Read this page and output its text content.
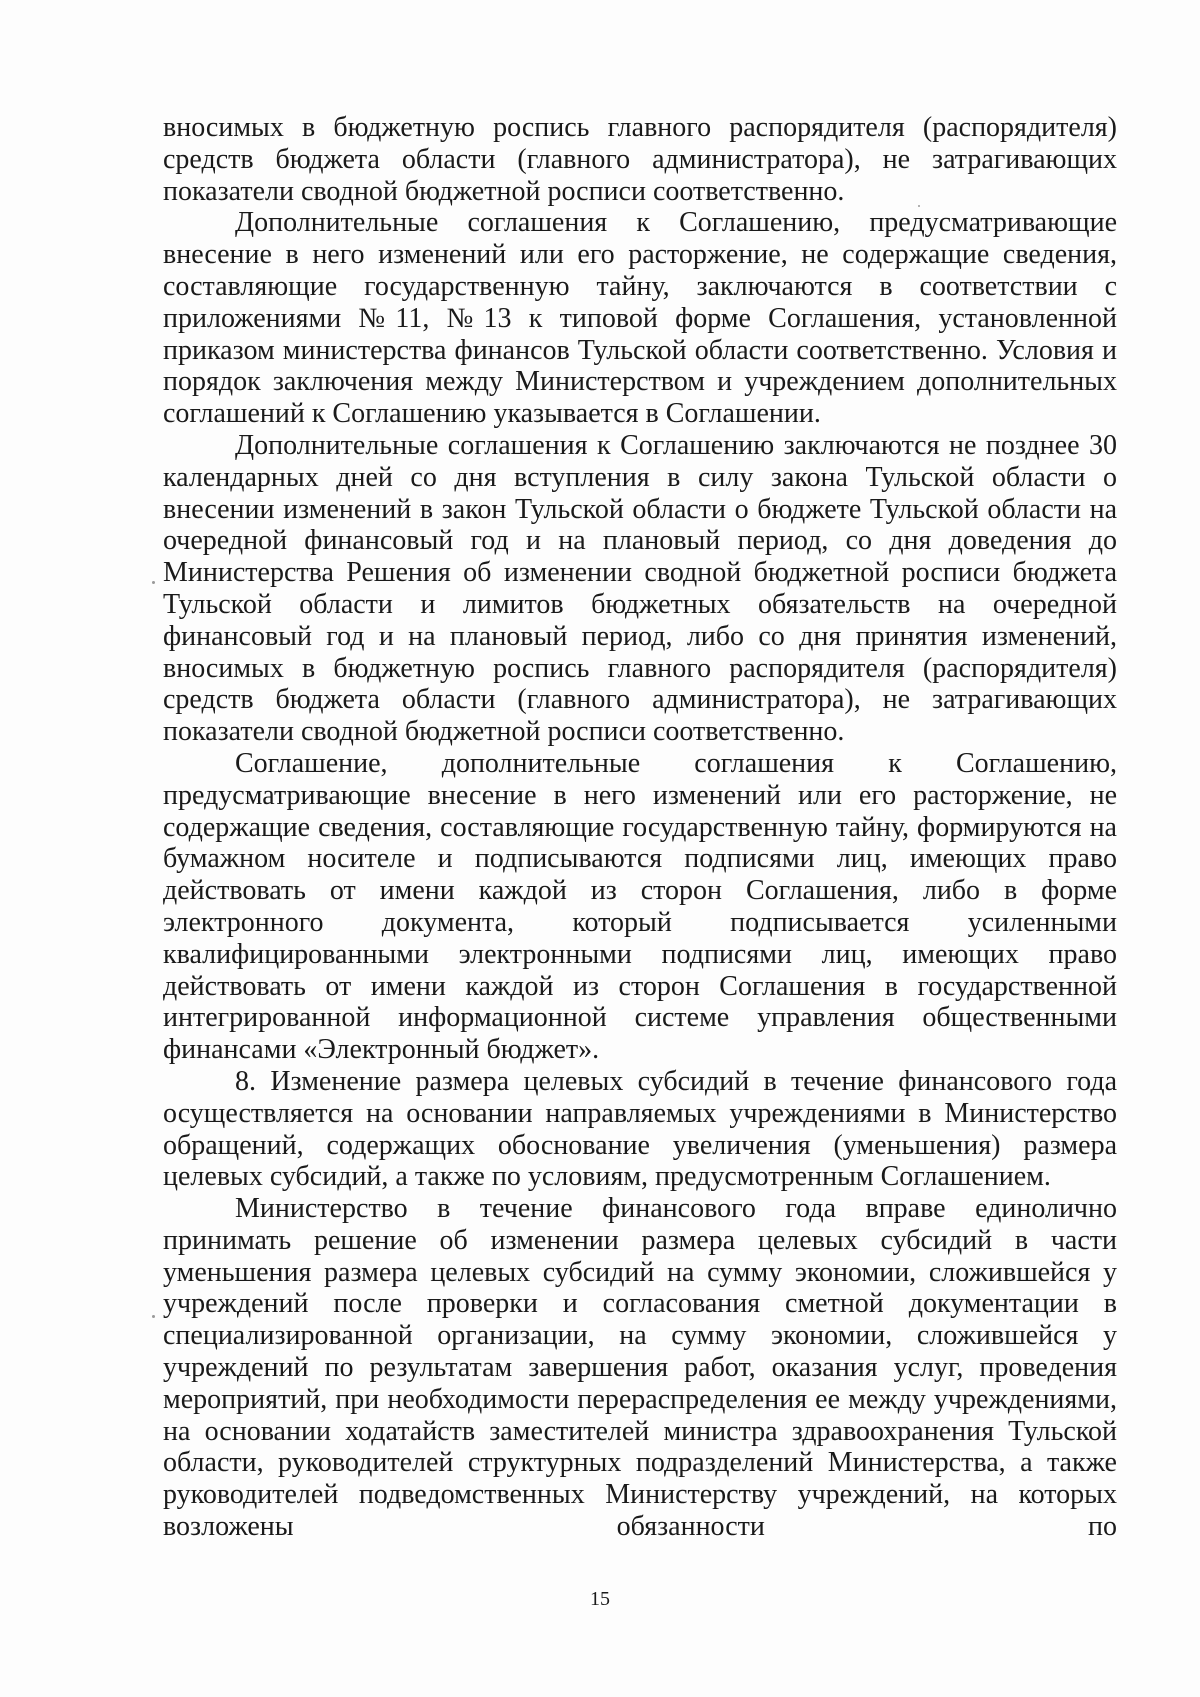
вносимых в бюджетную роспись главного распорядителя (распорядителя) средств бюджета области (главного администратора), не затрагивающих показатели сводной бюджетной росписи соответственно.

Дополнительные соглашения к Соглашению, предусматривающие внесение в него изменений или его расторжение, не содержащие сведения, составляющие государственную тайну, заключаются в соответствии с приложениями №11, №13 к типовой форме Соглашения, установленной приказом министерства финансов Тульской области соответственно. Условия и порядок заключения между Министерством и учреждением дополнительных соглашений к Соглашению указывается в Соглашении.

Дополнительные соглашения к Соглашению заключаются не позднее 30 календарных дней со дня вступления в силу закона Тульской области о внесении изменений в закон Тульской области о бюджете Тульской области на очередной финансовый год и на плановый период, со дня доведения до Министерства Решения об изменении сводной бюджетной росписи бюджета Тульской области и лимитов бюджетных обязательств на очередной финансовый год и на плановый период, либо со дня принятия изменений, вносимых в бюджетную роспись главного распорядителя (распорядителя) средств бюджета области (главного администратора), не затрагивающих показатели сводной бюджетной росписи соответственно.

Соглашение, дополнительные соглашения к Соглашению, предусматривающие внесение в него изменений или его расторжение, не содержащие сведения, составляющие государственную тайну, формируются на бумажном носителе и подписываются подписями лиц, имеющих право действовать от имени каждой из сторон Соглашения, либо в форме электронного документа, который подписывается усиленными квалифицированными электронными подписями лиц, имеющих право действовать от имени каждой из сторон Соглашения в государственной интегрированной информационной системе управления общественными финансами «Электронный бюджет».

8. Изменение размера целевых субсидий в течение финансового года осуществляется на основании направляемых учреждениями в Министерство обращений, содержащих обоснование увеличения (уменьшения) размера целевых субсидий, а также по условиям, предусмотренным Соглашением.

Министерство в течение финансового года вправе единолично принимать решение об изменении размера целевых субсидий в части уменьшения размера целевых субсидий на сумму экономии, сложившейся у учреждений после проверки и согласования сметной документации в специализированной организации, на сумму экономии, сложившейся у учреждений по результатам завершения работ, оказания услуг, проведения мероприятий, при необходимости перераспределения ее между учреждениями, на основании ходатайств заместителей министра здравоохранения Тульской области, руководителей структурных подразделений Министерства, а также руководителей подведомственных Министерству учреждений, на которых возложены обязанности по

15
